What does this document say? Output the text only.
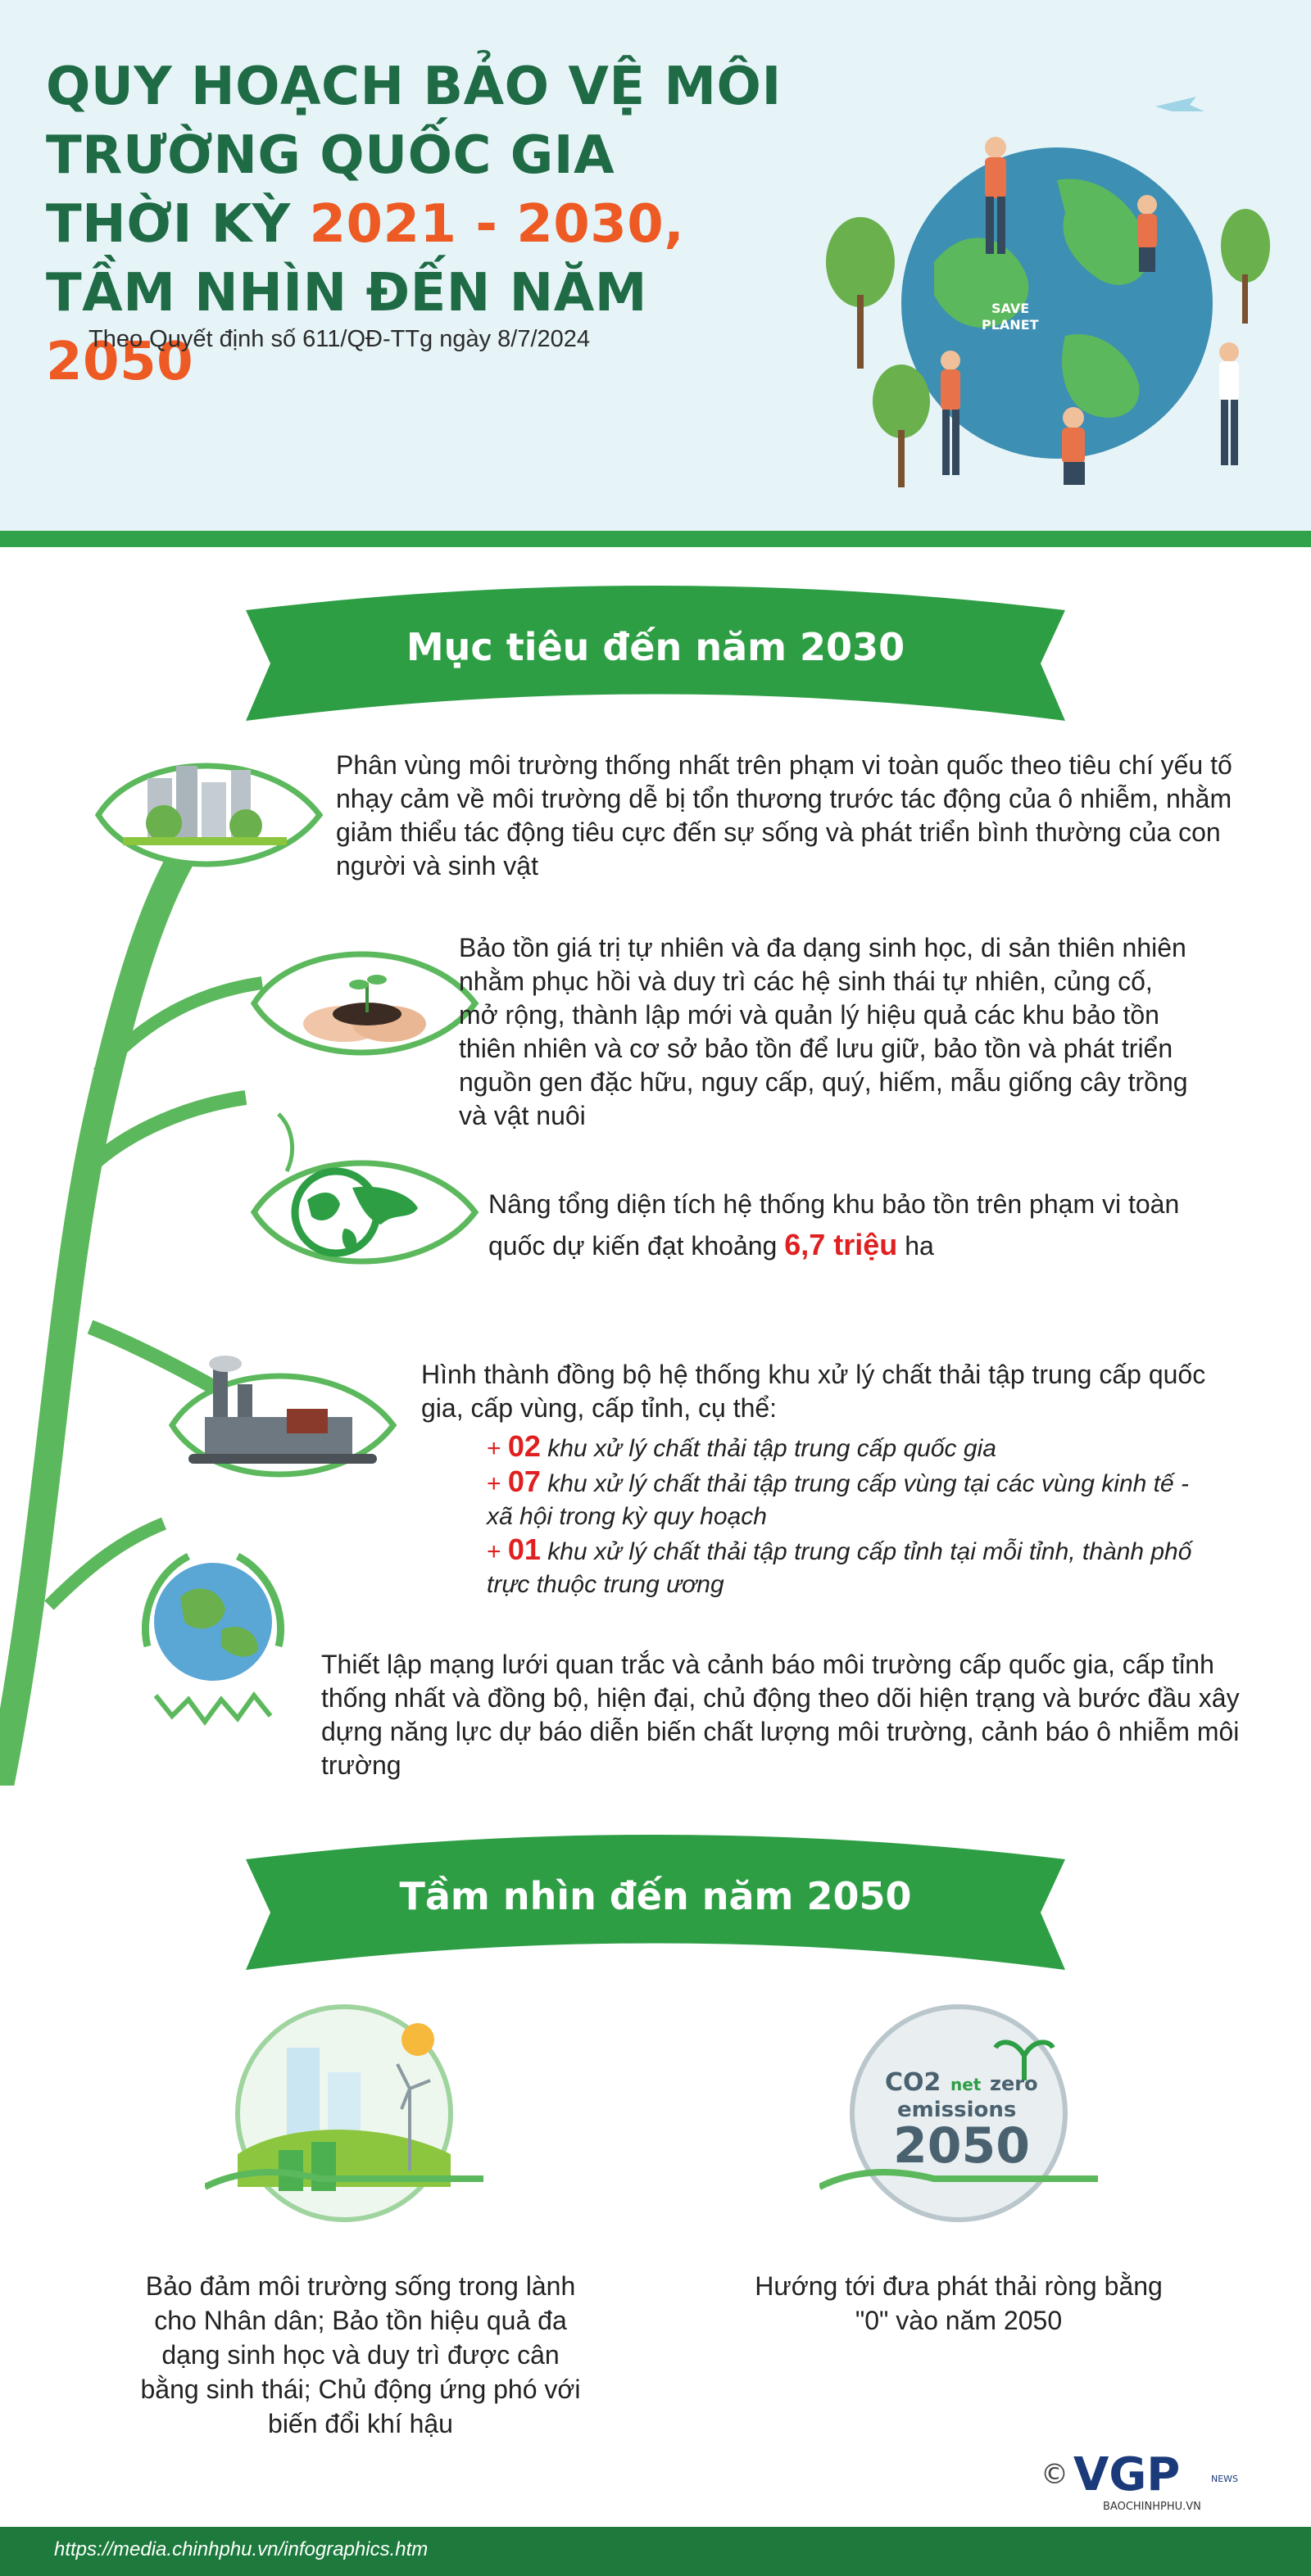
QUY HOẠCH BẢO VỆ MÔI
TRƯỜNG QUỐC GIA
THỜI KỲ 2021 - 2030,
TẦM NHÌN ĐẾN NĂM 2050
Theo Quyết định số 611/QĐ-TTg ngày 8/7/2024
SAVE
PLANET
Mục tiêu đến năm 2030
Phân vùng môi trường thống nhất trên phạm vi toàn quốc theo tiêu chí yếu tố nhạy cảm về môi trường dễ bị tổn thương trước tác động của ô nhiễm, nhằm giảm thiểu tác động tiêu cực đến sự sống và phát triển bình thường của con người và sinh vật
Bảo tồn giá trị tự nhiên và đa dạng sinh học, di sản thiên nhiên nhằm phục hồi và duy trì các hệ sinh thái tự nhiên, củng cố, mở rộng, thành lập mới và quản lý hiệu quả các khu bảo tồn thiên nhiên và cơ sở bảo tồn để lưu giữ, bảo tồn và phát triển nguồn gen đặc hữu, nguy cấp, quý, hiếm, mẫu giống cây trồng và vật nuôi
Nâng tổng diện tích hệ thống khu bảo tồn trên phạm vi toàn quốc dự kiến đạt khoảng 6,7 triệu ha
Hình thành đồng bộ hệ thống khu xử lý chất thải tập trung cấp quốc gia, cấp vùng, cấp tỉnh, cụ thể:
+ 02 khu xử lý chất thải tập trung cấp quốc gia
+ 07 khu xử lý chất thải tập trung cấp vùng tại các vùng kinh tế - xã hội trong kỳ quy hoạch
+ 01 khu xử lý chất thải tập trung cấp tỉnh tại mỗi tỉnh, thành phố trực thuộc trung ương
Thiết lập mạng lưới quan trắc và cảnh báo môi trường cấp quốc gia, cấp tỉnh thống nhất và đồng bộ, hiện đại, chủ động theo dõi hiện trạng và bước đầu xây dựng năng lực dự báo diễn biến chất lượng môi trường, cảnh báo ô nhiễm môi trường
Tầm nhìn đến năm 2050
Bảo đảm môi trường sống trong lành cho Nhân dân; Bảo tồn hiệu quả đa dạng sinh học và duy trì được cân bằng sinh thái; Chủ động ứng phó với biến đổi khí hậu
CO2 net zero
emissions
2050
Hướng tới đưa phát thải ròng bằng "0" vào năm 2050
© VGP	NEWS
BAOCHINHPHU.VN
https://media.chinhphu.vn/infographics.htm
